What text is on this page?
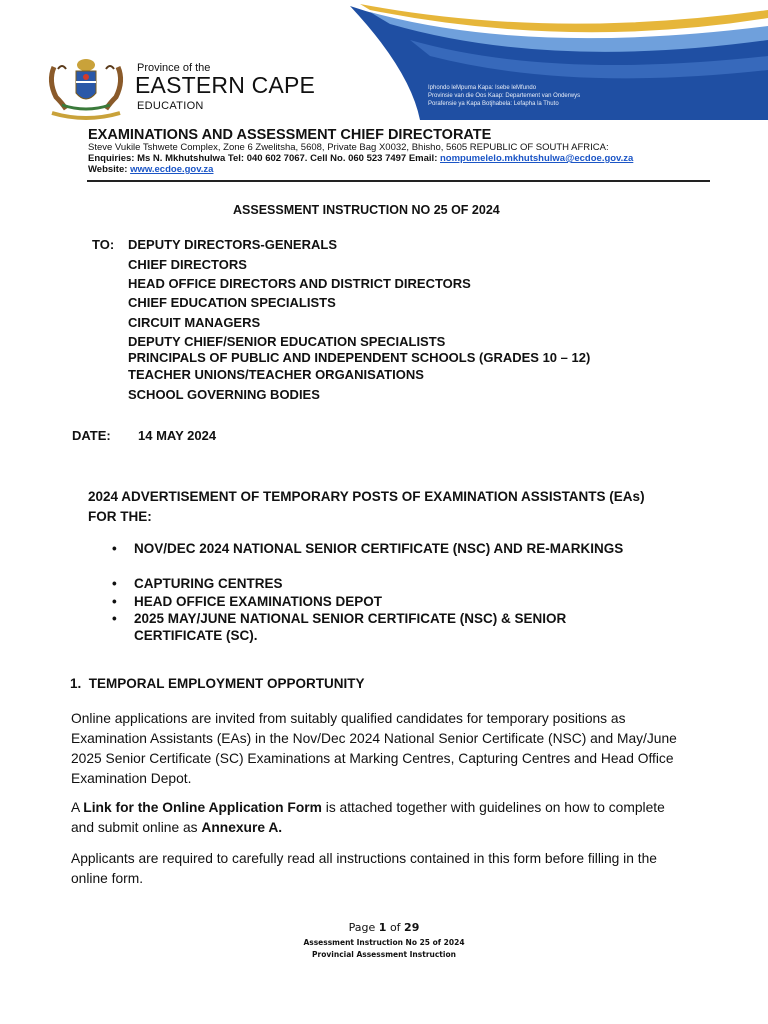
Province of the
EASTERN CAPE
EDUCATION
Iphondo leMpuma Kapa: Isebe leMfundo
Provinsie van die Oos Kaap: Departement van Onderwys
Porafensie ya Kapa Botjhabela: Lefapha la Thuto
EXAMINATIONS AND ASSESSMENT CHIEF DIRECTORATE
Steve Vukile Tshwete Complex, Zone 6 Zwelitsha, 5608, Private Bag X0032, Bhisho, 5605 REPUBLIC OF SOUTH AFRICA:
Enquiries: Ms N. Mkhutshulwa Tel: 040 602 7067. Cell No. 060 523 7497 Email: nompumelelo.mkhutshulwa@ecdoe.gov.za
Website: www.ecdoe.gov.za
ASSESSMENT INSTRUCTION NO 25 OF 2024
TO: DEPUTY DIRECTORS-GENERALS
CHIEF DIRECTORS
HEAD OFFICE DIRECTORS AND DISTRICT DIRECTORS
CHIEF EDUCATION SPECIALISTS
CIRCUIT MANAGERS
DEPUTY CHIEF/SENIOR EDUCATION SPECIALISTS
PRINCIPALS OF PUBLIC AND INDEPENDENT SCHOOLS (GRADES 10 – 12)
TEACHER UNIONS/TEACHER ORGANISATIONS
SCHOOL GOVERNING BODIES
DATE: 14 MAY 2024
2024 ADVERTISEMENT OF TEMPORARY POSTS OF EXAMINATION ASSISTANTS (EAs) FOR THE:
• NOV/DEC 2024 NATIONAL SENIOR CERTIFICATE (NSC) AND RE-MARKINGS
• CAPTURING CENTRES
• HEAD OFFICE EXAMINATIONS DEPOT
• 2025 MAY/JUNE NATIONAL SENIOR CERTIFICATE (NSC) & SENIOR CERTIFICATE (SC).
1. TEMPORAL EMPLOYMENT OPPORTUNITY
Online applications are invited from suitably qualified candidates for temporary positions as Examination Assistants (EAs) in the Nov/Dec 2024 National Senior Certificate (NSC) and May/June 2025 Senior Certificate (SC) Examinations at Marking Centres, Capturing Centres and Head Office Examination Depot.
A Link for the Online Application Form is attached together with guidelines on how to complete and submit online as Annexure A.
Applicants are required to carefully read all instructions contained in this form before filling in the online form.
Page 1 of 29
Assessment Instruction No 25 of 2024
Provincial Assessment Instruction
